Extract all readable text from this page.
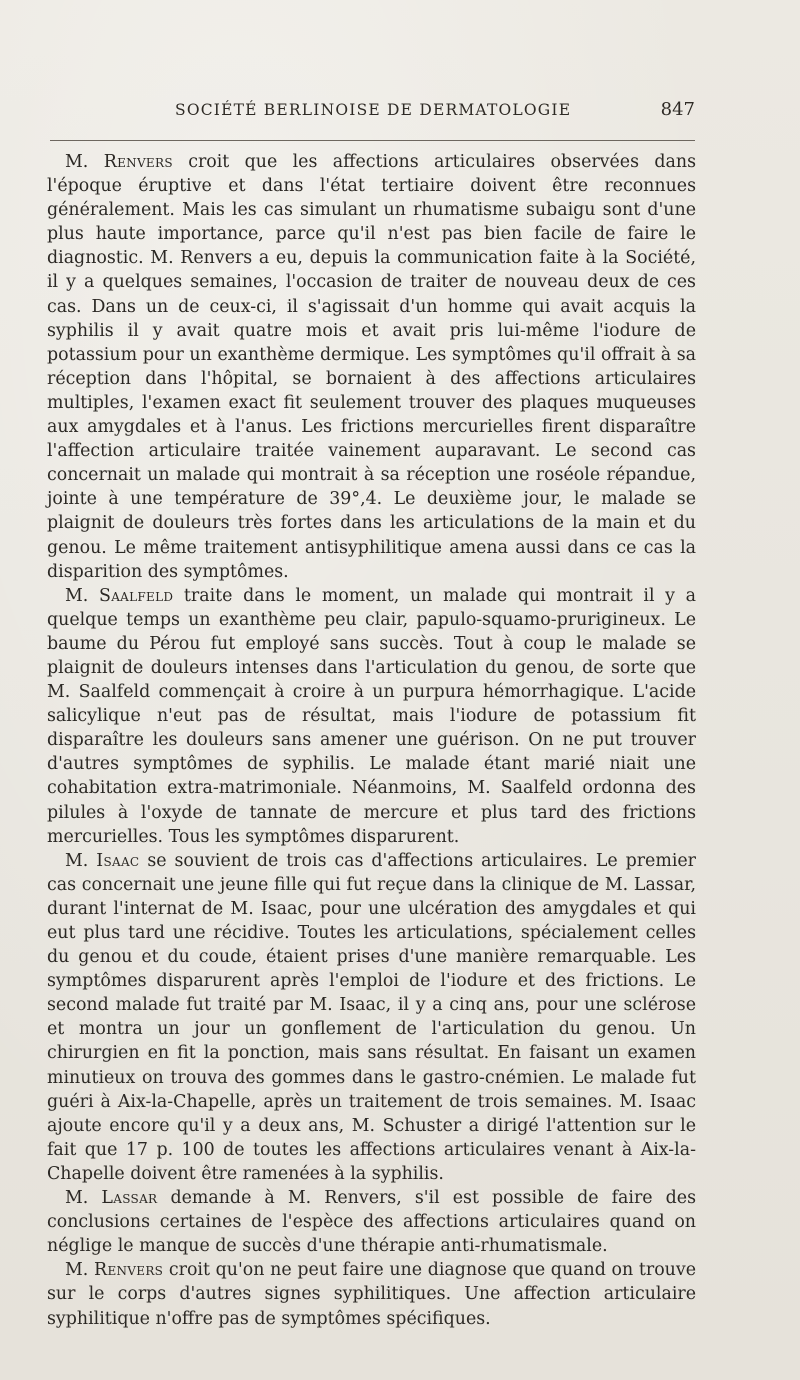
SOCIÉTÉ BERLINOISE DE DERMATOLOGIE	847

M. Renvers croit que les affections articulaires observées dans l'époque éruptive et dans l'état tertiaire doivent être reconnues généralement. Mais les cas simulant un rhumatisme subaigu sont d'une plus haute importance, parce qu'il n'est pas bien facile de faire le diagnostic. M. Renvers a eu, depuis la communication faite à la Société, il y a quelques semaines, l'occasion de traiter de nouveau deux de ces cas. Dans un de ceux-ci, il s'agissait d'un homme qui avait acquis la syphilis il y avait quatre mois et avait pris lui-même l'iodure de potassium pour un exanthème dermique. Les symptômes qu'il offrait à sa réception dans l'hôpital, se bornaient à des affections articulaires multiples, l'examen exact fit seulement trouver des plaques muqueuses aux amygdales et à l'anus. Les frictions mercurielles firent disparaître l'affection articulaire traitée vainement auparavant. Le second cas concernait un malade qui montrait à sa réception une roséole répandue, jointe à une température de 39°,4. Le deuxième jour, le malade se plaignit de douleurs très fortes dans les articulations de la main et du genou. Le même traitement antisyphilitique amena aussi dans ce cas la disparition des symptômes.

M. Saalfeld traite dans le moment, un malade qui montrait il y a quelque temps un exanthème peu clair, papulo-squamo-prurigineux. Le baume du Pérou fut employé sans succès. Tout à coup le malade se plaignit de douleurs intenses dans l'articulation du genou, de sorte que M. Saalfeld commençait à croire à un purpura hémorrhagique. L'acide salicylique n'eut pas de résultat, mais l'iodure de potassium fit disparaître les douleurs sans amener une guérison. On ne put trouver d'autres symptômes de syphilis. Le malade étant marié niait une cohabitation extra-matrimoniale. Néanmoins, M. Saalfeld ordonna des pilules à l'oxyde de tannate de mercure et plus tard des frictions mercurielles. Tous les symptômes disparurent.

M. Isaac se souvient de trois cas d'affections articulaires. Le premier cas concernait une jeune fille qui fut reçue dans la clinique de M. Lassar, durant l'internat de M. Isaac, pour une ulcération des amygdales et qui eut plus tard une récidive. Toutes les articulations, spécialement celles du genou et du coude, étaient prises d'une manière remarquable. Les symptômes disparurent après l'emploi de l'iodure et des frictions. Le second malade fut traité par M. Isaac, il y a cinq ans, pour une sclérose et montra un jour un gonflement de l'articulation du genou. Un chirurgien en fit la ponction, mais sans résultat. En faisant un examen minutieux on trouva des gommes dans le gastro-cnémien. Le malade fut guéri à Aix-la-Chapelle, après un traitement de trois semaines. M. Isaac ajoute encore qu'il y a deux ans, M. Schuster a dirigé l'attention sur le fait que 17 p. 100 de toutes les affections articulaires venant à Aix-la-Chapelle doivent être ramenées à la syphilis.

M. Lassar demande à M. Renvers, s'il est possible de faire des conclusions certaines de l'espèce des affections articulaires quand on néglige le manque de succès d'une thérapie anti-rhumatismale.

M. Renvers croit qu'on ne peut faire une diagnose que quand on trouve sur le corps d'autres signes syphilitiques. Une affection articulaire syphilitique n'offre pas de symptômes spécifiques.
